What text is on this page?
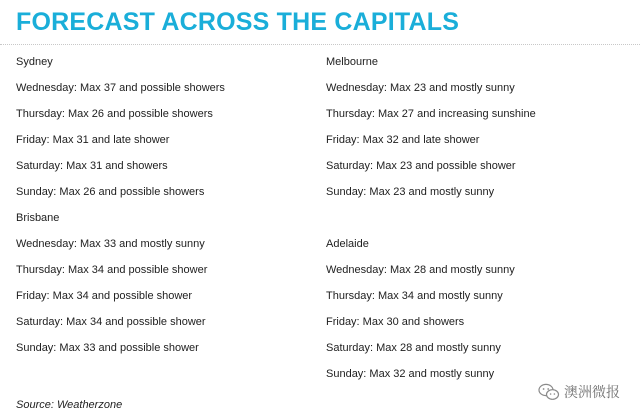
FORECAST ACROSS THE CAPITALS
Sydney
Wednesday: Max 37 and possible showers
Thursday: Max 26 and possible showers
Friday: Max 31 and late shower
Saturday: Max 31 and showers
Sunday: Max 26 and possible showers
Melbourne
Wednesday: Max 23 and mostly sunny
Thursday: Max 27 and increasing sunshine
Friday: Max 32 and late shower
Saturday: Max 23 and possible shower
Sunday: Max 23 and mostly sunny
Brisbane
Wednesday: Max 33 and mostly sunny
Thursday: Max 34 and possible shower
Friday: Max 34 and possible shower
Saturday: Max 34 and possible shower
Sunday: Max 33 and possible shower
Adelaide
Wednesday: Max 28 and mostly sunny
Thursday: Max 34 and mostly sunny
Friday: Max 30 and showers
Saturday: Max 28 and mostly sunny
Sunday: Max 32 and mostly sunny
Source: Weatherzone
澳洲微报
